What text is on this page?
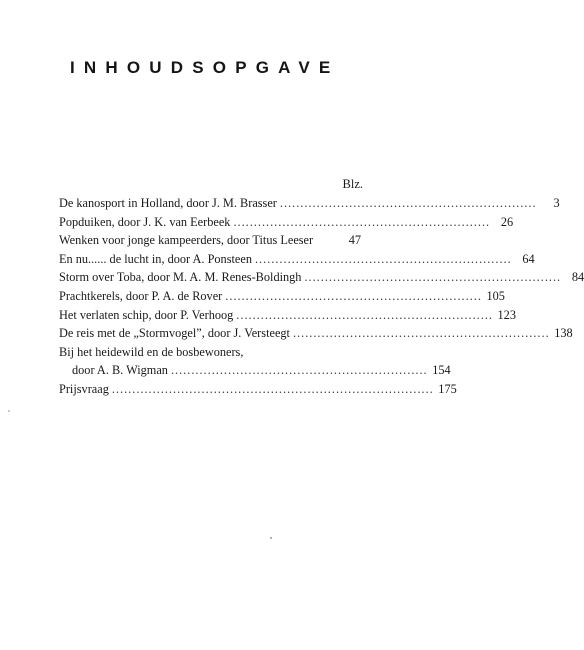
INHOUDSOPGAVE
Blz.
De kanosport in Holland, door J. M. Brasser ...............................................................	3
Popduiken, door J. K. van Eerbeek ............................................................... 26
Wenken voor jonge kampeerders, door Titus Leeser	47
En nu...... de lucht in, door A. Ponsteen ............................................................... 64
Storm over Toba, door M. A. M. Renes-Boldingh ............................................................... 84
Prachtkerels, door P. A. de Rover ............................................................... 105
Het verlaten schip, door P. Verhoog ............................................................... 123
De reis met de „Stormvogel”, door J. Versteegt ............................................................... 138
Bij het heidewild en de bosbewoners,
door A. B. Wigman ............................................................... 154
Prijsvraag ............................................................................... 175
